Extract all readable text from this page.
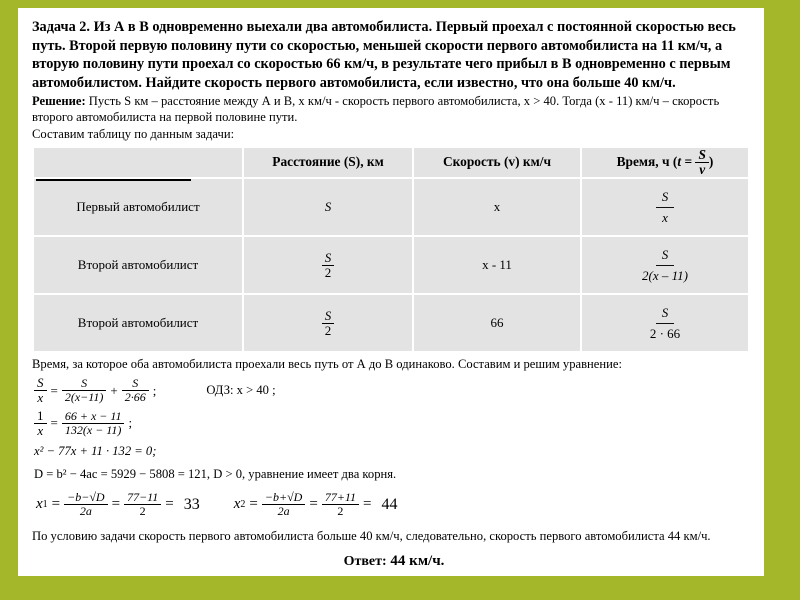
Задача 2. Из А в В одновременно выехали два автомобилиста. Первый проехал с постоянной скоростью весь путь. Второй первую половину пути со скоростью, меньшей скорости первого автомобилиста на 11 км/ч, а вторую половину пути проехал со скоростью 66 км/ч, в результате чего прибыл в В одновременно с первым автомобилистом. Найдите скорость первого автомобилиста, если известно, что она больше 40 км/ч.

Решение: Пусть S км – расстояние между А и В, х км/ч - скорость первого автомобилиста, х > 40. Тогда (х - 11) км/ч – скорость второго автомобилиста на первой половине пути.

Составим таблицу по данным задачи:

	Расстояние (S), км	Скорость (v) км/ч	Время, ч ($t = \frac{S}{v}$ )
Первый автомобилист	S	x	$\frac{S}{x}$

Второй автомобилист	$\frac{S}{2}$	x - 11	$\frac{S}{2(x - 11)}$

Второй автомобилист	$\frac{S}{2}$	66	$\frac{S}{2 \cdot 66}$

Время, за которое оба автомобилиста проехали весь путь от А до В одинаково. Составим и решим уравнение:

$\frac{S}{x} = \frac{S}{2(x-11)} + \frac{S}{2\cdot 66}$ ;	ОДЗ: x > 40 ;
$\frac{1}{x} = \frac{66 + x - 11}{132(x - 11)}$ ;
x² − 77x + 11 · 132 = 0;
D = b² − 4ac = 5929 − 5808 = 121, D > 0, уравнение имеет два корня.
x $1 = \frac{-b-√D}{2a} = \frac{77-11}{2} = 33$ x $2 = \frac{-b+√D}{2a} = \frac{77+11}{2} = 44$

По условию задачи скорость первого автомобилиста больше 40 км/ч, следовательно, скорость первого автомобилиста 44 км/ч.

Ответ: 44 км/ч.
